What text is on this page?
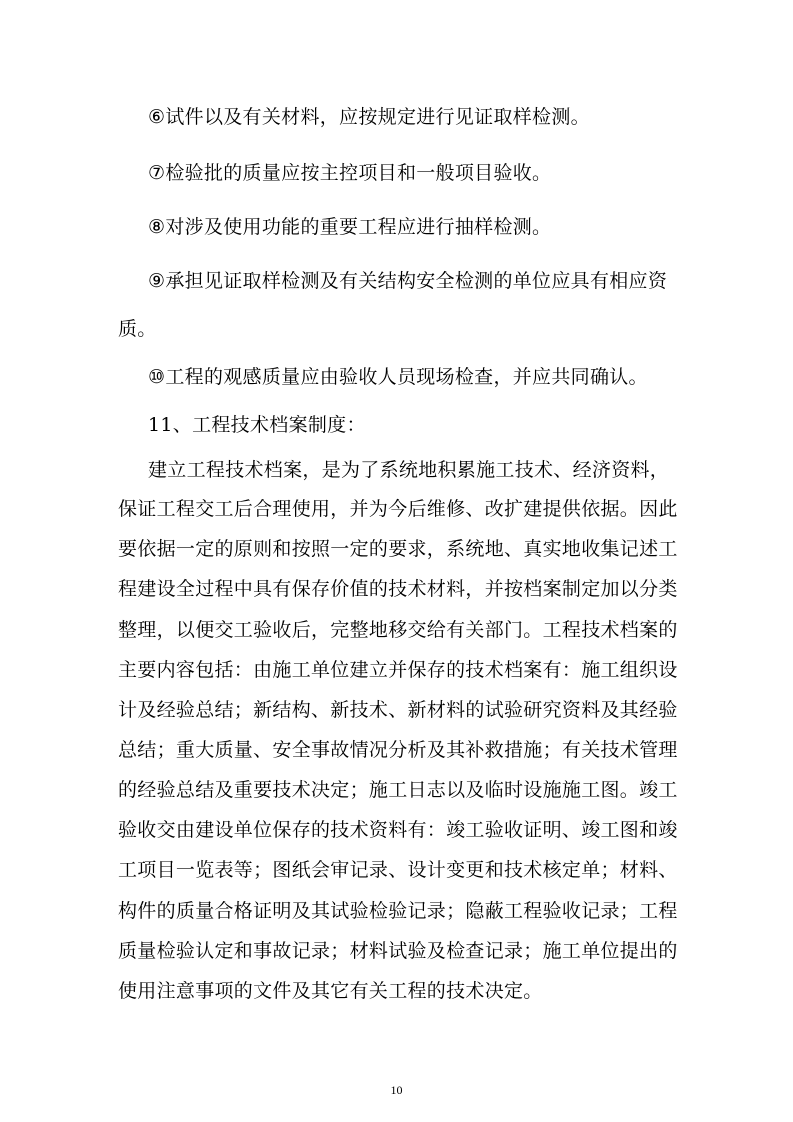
⑥试件以及有关材料，应按规定进行见证取样检测。
⑦检验批的质量应按主控项目和一般项目验收。
⑧对涉及使用功能的重要工程应进行抽样检测。
⑨承担见证取样检测及有关结构安全检测的单位应具有相应资
质。
⑩工程的观感质量应由验收人员现场检查，并应共同确认。
11、工程技术档案制度：
建立工程技术档案，是为了系统地积累施工技术、经济资料，
保证工程交工后合理使用，并为今后维修、改扩建提供依据。因此
要依据一定的原则和按照一定的要求，系统地、真实地收集记述工
程建设全过程中具有保存价值的技术材料，并按档案制定加以分类
整理，以便交工验收后，完整地移交给有关部门。工程技术档案的
主要内容包括：由施工单位建立并保存的技术档案有：施工组织设
计及经验总结；新结构、新技术、新材料的试验研究资料及其经验
总结；重大质量、安全事故情况分析及其补救措施；有关技术管理
的经验总结及重要技术决定；施工日志以及临时设施施工图。竣工
验收交由建设单位保存的技术资料有：竣工验收证明、竣工图和竣
工项目一览表等；图纸会审记录、设计变更和技术核定单；材料、
构件的质量合格证明及其试验检验记录；隐蔽工程验收记录；工程
质量检验认定和事故记录；材料试验及检查记录；施工单位提出的
使用注意事项的文件及其它有关工程的技术决定。
10
